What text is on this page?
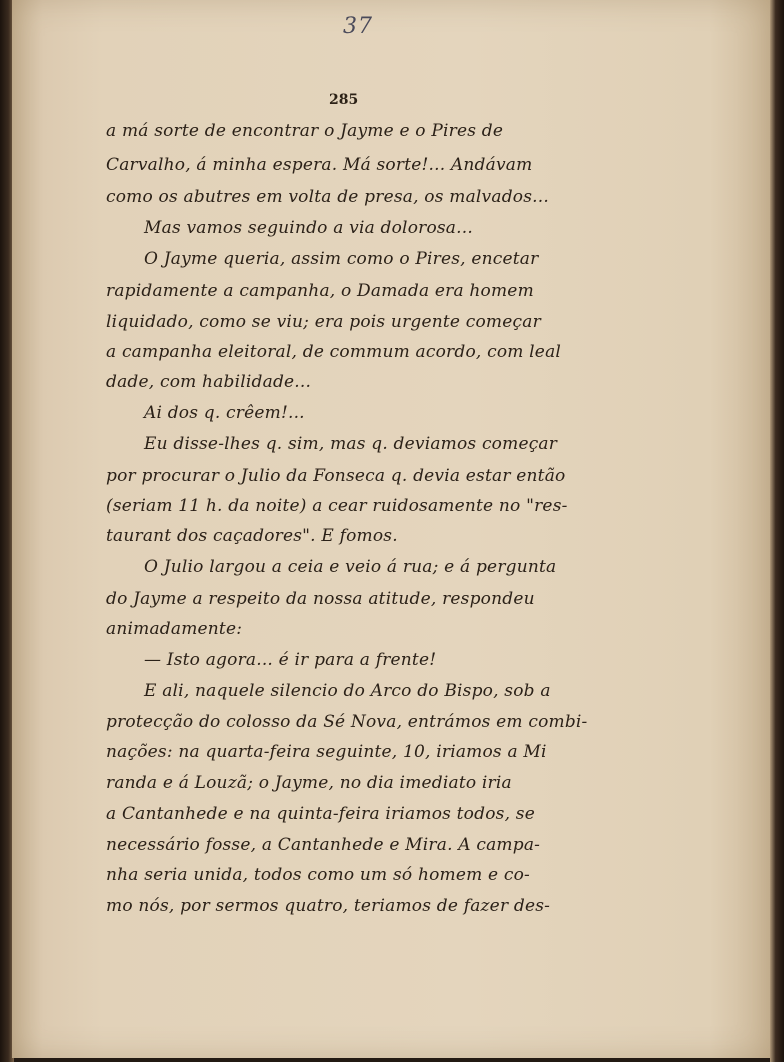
37
285
a má sorte de encontrar o Jayme e o Pires de
Carvalho, á minha espera. Má sorte!... Andávam
como os abutres em volta de presa, os malvados...
Mas vamos seguindo a via dolorosa...
O Jayme queria, assim como o Pires, encetar
rapidamente a campanha, o Damada era homem
liquidado, como se viu; era pois urgente começar
a campanha eleitoral, de commum acordo, com leal
dade, com habilidade...
Ai dos q. crêem!...
Eu disse-lhes q. sim, mas q. deviamos começar
por procurar o Julio da Fonseca q. devia estar então
(seriam 11 h. da noite) a cear ruidosamente no "res-
taurant dos caçadores". E fomos.
O Julio largou a ceia e veio á rua; e á pergunta
do Jayme a respeito da nossa atitude, respondeu
animadamente:
— Isto agora... é ir para a frente!
E ali, naquele silencio do Arco do Bispo, sob a
protecção do colosso da Sé Nova, entrámos em combi-
nações: na quarta-feira seguinte, 10, iriamos a Mi
randa e á Louzã; o Jayme, no dia imediato iria
a Cantanhede e na quinta-feira iriamos todos, se
necessário fosse, a Cantanhede e Mira. A campa-
nha seria unida, todos como um só homem e co-
mo nós, por sermos quatro, teriamos de fazer des-
